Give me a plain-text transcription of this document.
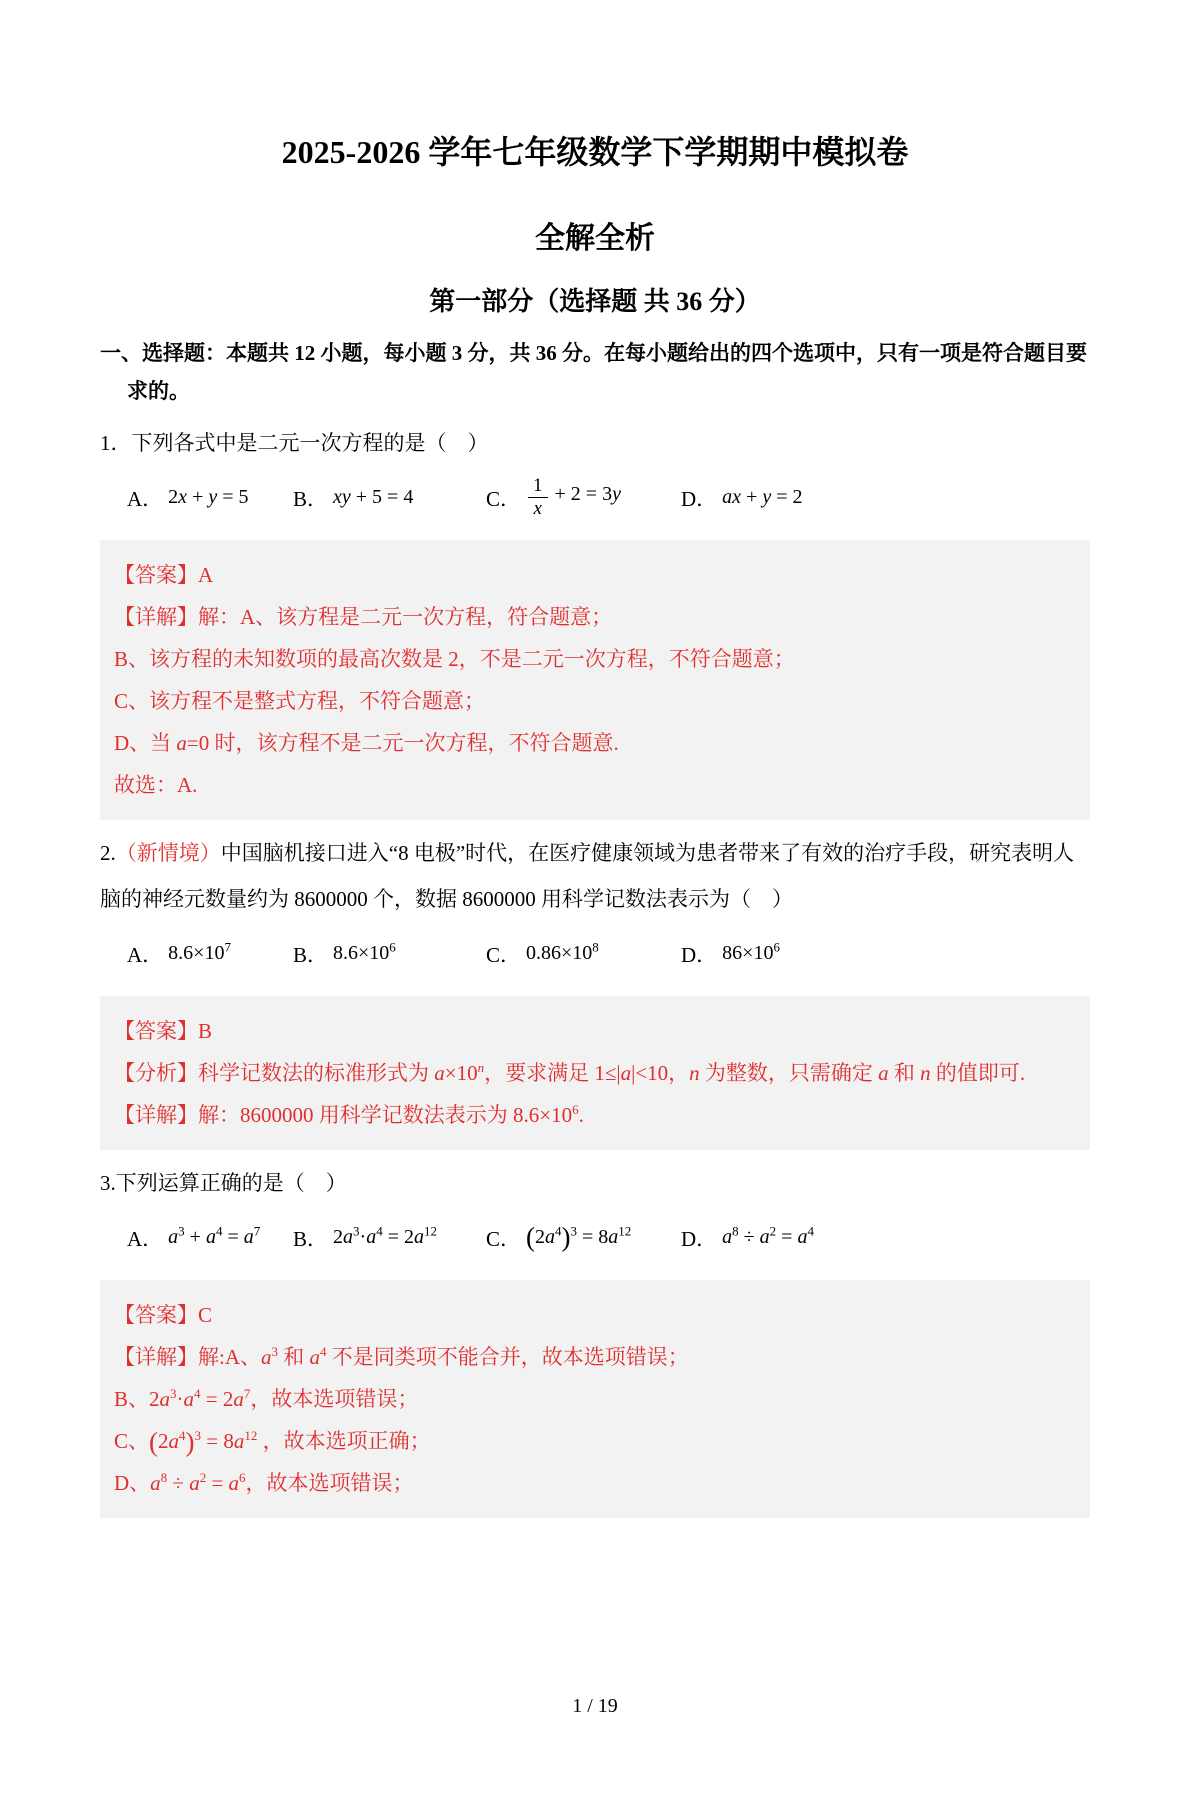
2025-2026 学年七年级数学下学期期中模拟卷
全解全析
第一部分（选择题 共 36 分）

一、选择题：本题共 12 小题，每小题 3 分，共 36 分。在每小题给出的四个选项中，只有一项是符合题目要求的。

1．下列各式中是二元一次方程的是（　）

A． 2x + y = 5 B． xy + 5 = 4	C． $\frac{1}{x} + 2 = 3y$	D． ax + y = 2

【答案】A

【详解】解：A、该方程是二元一次方程，符合题意；

B、该方程的未知数项的最高次数是 2，不是二元一次方程，不符合题意；

C、该方程不是整式方程，不符合题意；

D、当 a=0 时，该方程不是二元一次方程，不符合题意.

故选：A.

2.（新情境）中国脑机接口进入“8 电极”时代，在医疗健康领域为患者带来了有效的治疗手段，研究表明人脑的神经元数量约为 8600000 个，数据 8600000 用科学记数法表示为（　）

A． $8.6\times 10^7$	B． $8.6\times 10^6$	C． $0.86\times 10^8$	D． $86\times 10^6$

【答案】B

【分析】科学记数法的标准形式为 $a\times 10^n$，要求满足 1≤|a|<10，n 为整数，只需确定 a 和 n 的值即可.

【详解】解：8600000 用科学记数法表示为 $8.6\times 10^6$.

3.下列运算正确的是（　）

A． $a^3 + a^4 = a^7$ B． $2a^3\cdot a^4 = 2a^{12}$ C． $(2a^4)^3 = 8a^{12}$ D． $a^8 \div a^2 = a^4$

【答案】C

【详解】解:A、$a^3$ 和 $a^4$ 不是同类项不能合并，故本选项错误；

B、$2a^3\cdot a^4 = 2a^7$，故本选项错误；

C、$(2a^4)^3 = 8a^{12}$ ，故本选项正确；

D、$a^8 \div a^2 = a^6$，故本选项错误；

1 / 19
